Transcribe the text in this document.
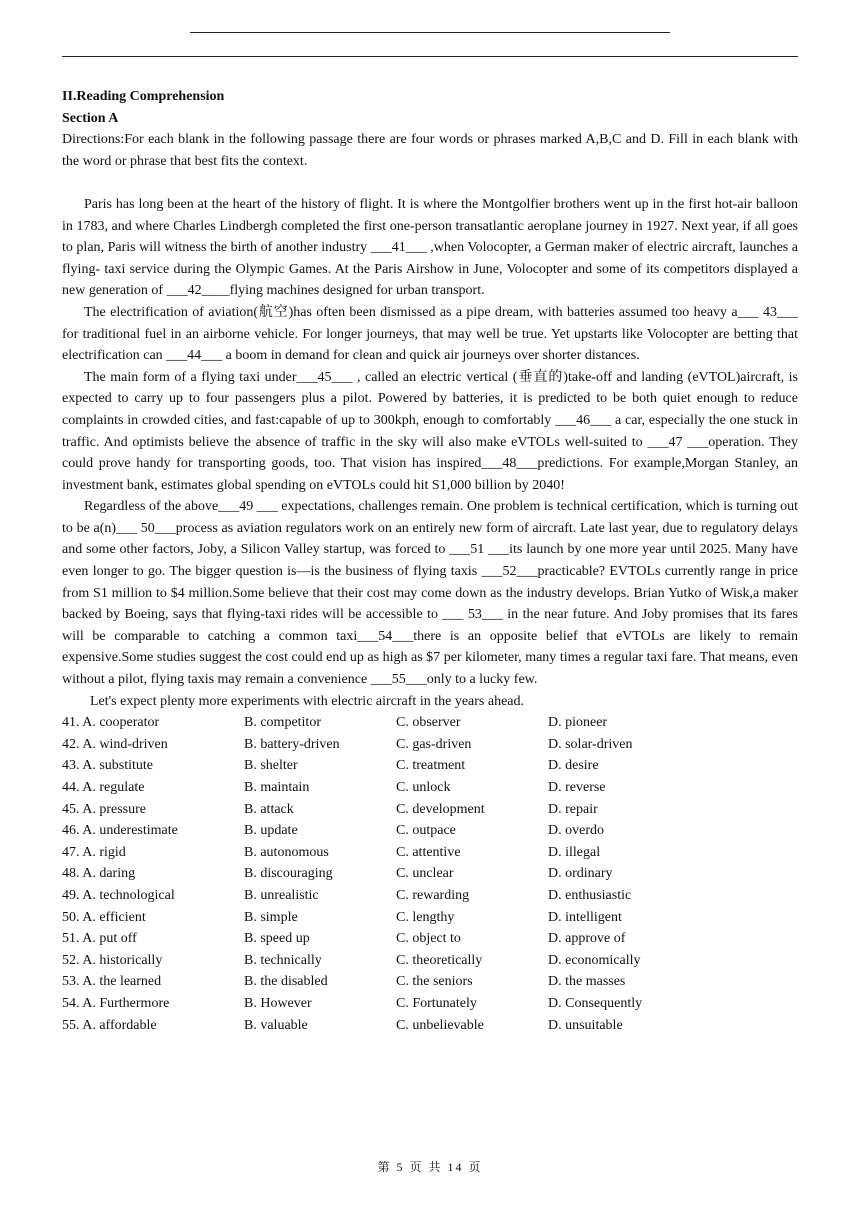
II.Reading Comprehension

Section A

Directions:For each blank in the following passage there are four words or phrases marked A,B,C and D. Fill in each blank with the word or phrase that best fits the context.

Paris has long been at the heart of the history of flight. It is where the Montgolfier brothers went up in the first hot-air balloon in 1783, and where Charles Lindbergh completed the first one-person transatlantic aeroplane journey in 1927. Next year, if all goes to plan, Paris will witness the birth of another industry ___41___ ,when Volocopter, a German maker of electric aircraft, launches a flying- taxi service during the Olympic Games. At the Paris Airshow in June, Volocopter and some of its competitors displayed a new generation of ___42____flying machines designed for urban transport.

The electrification of aviation(航空)has often been dismissed as a pipe dream, with batteries assumed too heavy a___ 43___ for traditional fuel in an airborne vehicle. For longer journeys, that may well be true. Yet upstarts like Volocopter are betting that electrification can ___44___ a boom in demand for clean and quick air journeys over shorter distances.

The main form of a flying taxi under___45___ , called an electric vertical (垂直的)take-off and landing (eVTOL)aircraft, is expected to carry up to four passengers plus a pilot. Powered by batteries, it is predicted to be both quiet enough to reduce complaints in crowded cities, and fast:capable of up to 300kph, enough to comfortably ___46___ a car, especially the one stuck in traffic. And optimists believe the absence of traffic in the sky will also make eVTOLs well-suited to ___47 ___operation. They could prove handy for transporting goods, too. That vision has inspired___48___predictions. For example,Morgan Stanley, an investment bank, estimates global spending on eVTOLs could hit S1,000 billion by 2040!

Regardless of the above___49 ___ expectations, challenges remain. One problem is technical certification, which is turning out to be a(n)___ 50___process as aviation regulators work on an entirely new form of aircraft. Late last year, due to regulatory delays and some other factors, Joby, a Silicon Valley startup, was forced to ___51 ___its launch by one more year until 2025. Many have even longer to go. The bigger question is—is the business of flying taxis ___52___practicable? EVTOLs currently range in price from S1 million to $4 million.Some believe that their cost may come down as the industry develops. Brian Yutko of Wisk,a maker backed by Boeing, says that flying-taxi rides will be accessible to ___ 53___ in the near future. And Joby promises that its fares will be comparable to catching a common taxi___54___there is an opposite belief that eVTOLs are likely to remain expensive.Some studies suggest the cost could end up as high as $7 per kilometer, many times a regular taxi fare. That means, even without a pilot, flying taxis may remain a convenience ___55___only to a lucky few.

Let's expect plenty more experiments with electric aircraft in the years ahead.

41. A. cooperator	B. competitor	C. observer	D. pioneer
42. A. wind-driven	B. battery-driven	C. gas-driven	D. solar-driven
43. A. substitute	B. shelter	C. treatment	D. desire
44. A. regulate	B. maintain	C. unlock	D. reverse
45. A. pressure	B. attack	C. development	D. repair
46. A. underestimate	B. update	C. outpace	D. overdo
47. A. rigid	B. autonomous	C. attentive	D. illegal
48. A. daring	B. discouraging	C. unclear	D. ordinary
49. A. technological	B. unrealistic	C. rewarding	D. enthusiastic
50. A. efficient	B. simple	C. lengthy	D. intelligent
51. A. put off	B. speed up	C. object to	D. approve of
52. A. historically	B. technically	C. theoretically	D. economically
53. A. the learned	B. the disabled	C. the seniors	D. the masses
54. A. Furthermore	B. However	C. Fortunately	D. Consequently
55. A. affordable	B. valuable	C. unbelievable	D. unsuitable
第 5 页 共 14 页
